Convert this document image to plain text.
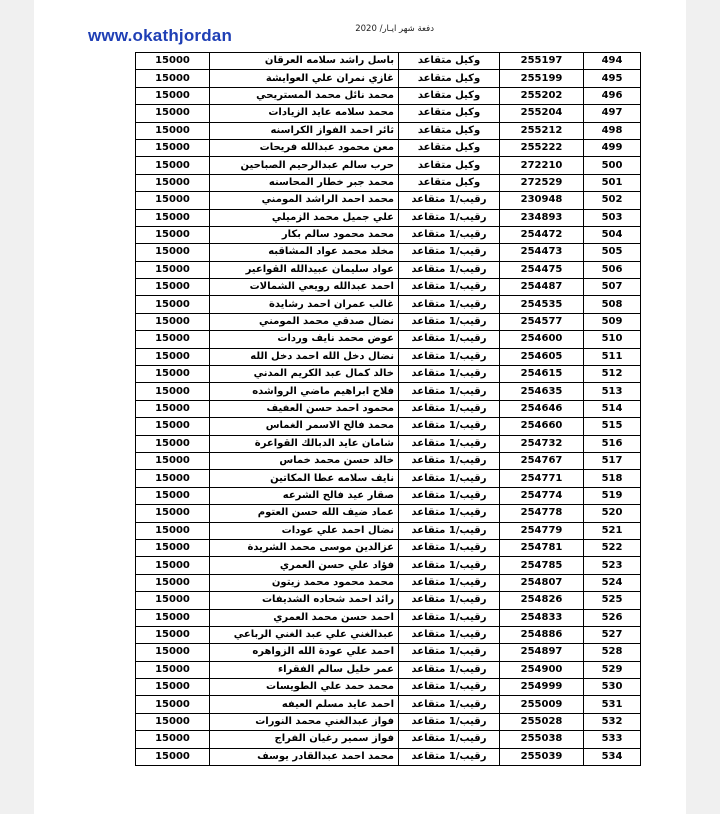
www.okathjordan	دفعة شهر ايـار/ 2020
494	255197	وكيل متقاعد	باسل راشد سلامه العرقان	15000
495	255199	وكيل متقاعد	غازي نمران علي العوايشة	15000
496	255202	وكيل متقاعد	محمد نائل محمد المستريحي	15000
497	255204	وكيل متقاعد	محمد سلامه عايد الزيادات	15000
498	255212	وكيل متقاعد	ثائر احمد الفواز الكراسنه	15000
499	255222	وكيل متقاعد	معن محمود عبدالله فريحات	15000
500	272210	وكيل متقاعد	حرب سالم عبدالرحيم الصباحين	15000
501	272529	وكيل متقاعد	محمد جبر خطار المحاسنه	15000
502	230948	رقيب/1 متقاعد	محمد احمد الراشد المومني	15000
503	234893	رقيب/1 متقاعد	علي جميل محمد الزميلي	15000
504	254472	رقيب/1 متقاعد	محمد محمود سالم بكار	15000
505	254473	رقيب/1 متقاعد	مخلد محمد عواد المشاقبه	15000
506	254475	رقيب/1 متقاعد	عواد سليمان عبيدالله القواعير	15000
507	254487	رقيب/1 متقاعد	احمد عبدالله رويعي الشمالات	15000
508	254535	رقيب/1 متقاعد	غالب عمران احمد رشايدة	15000
509	254577	رقيب/1 متقاعد	نضال صدقي محمد المومني	15000
510	254600	رقيب/1 متقاعد	عوض محمد نايف وردات	15000
511	254605	رقيب/1 متقاعد	نضال دخل الله احمد دخل الله	15000
512	254615	رقيب/1 متقاعد	خالد كمال عبد الكريم المدني	15000
513	254635	رقيب/1 متقاعد	فلاح ابراهيم ماضي الرواشده	15000
514	254646	رقيب/1 متقاعد	محمود احمد حسن العفيف	15000
515	254660	رقيب/1 متقاعد	محمد فالح الاسمر الغماس	15000
516	254732	رقيب/1 متقاعد	شامان عايد الدبالك القواعرة	15000
517	254767	رقيب/1 متقاعد	خالد حسن محمد خماس	15000
518	254771	رقيب/1 متقاعد	نايف سلامه عطا المكاتين	15000
519	254774	رقيب/1 متقاعد	صقار عيد فالح الشرعه	15000
520	254778	رقيب/1 متقاعد	عماد ضيف الله حسن العتوم	15000
521	254779	رقيب/1 متقاعد	نضال احمد علي عودات	15000
522	254781	رقيب/1 متقاعد	عزالدين موسى محمد الشريدة	15000
523	254785	رقيب/1 متقاعد	فؤاد علي حسن العمري	15000
524	254807	رقيب/1 متقاعد	محمد محمود محمد زيتون	15000
525	254826	رقيب/1 متقاعد	رائد احمد شحاده الشديفات	15000
526	254833	رقيب/1 متقاعد	احمد حسن محمد العمري	15000
527	254886	رقيب/1 متقاعد	عبدالغني علي عبد الغني الرباعي	15000
528	254897	رقيب/1 متقاعد	احمد علي عودة الله الزواهره	15000
529	254900	رقيب/1 متقاعد	عمر خليل سالم الفقراء	15000
530	254999	رقيب/1 متقاعد	محمد حمد علي الطويسات	15000
531	255009	رقيب/1 متقاعد	احمد عايد مسلم العيفه	15000
532	255028	رقيب/1 متقاعد	فواز عبدالغني محمد النورات	15000
533	255038	رقيب/1 متقاعد	فواز سمير رغيان الفراج	15000
534	255039	رقيب/1 متقاعد	محمد احمد عبدالقادر يوسف	15000
